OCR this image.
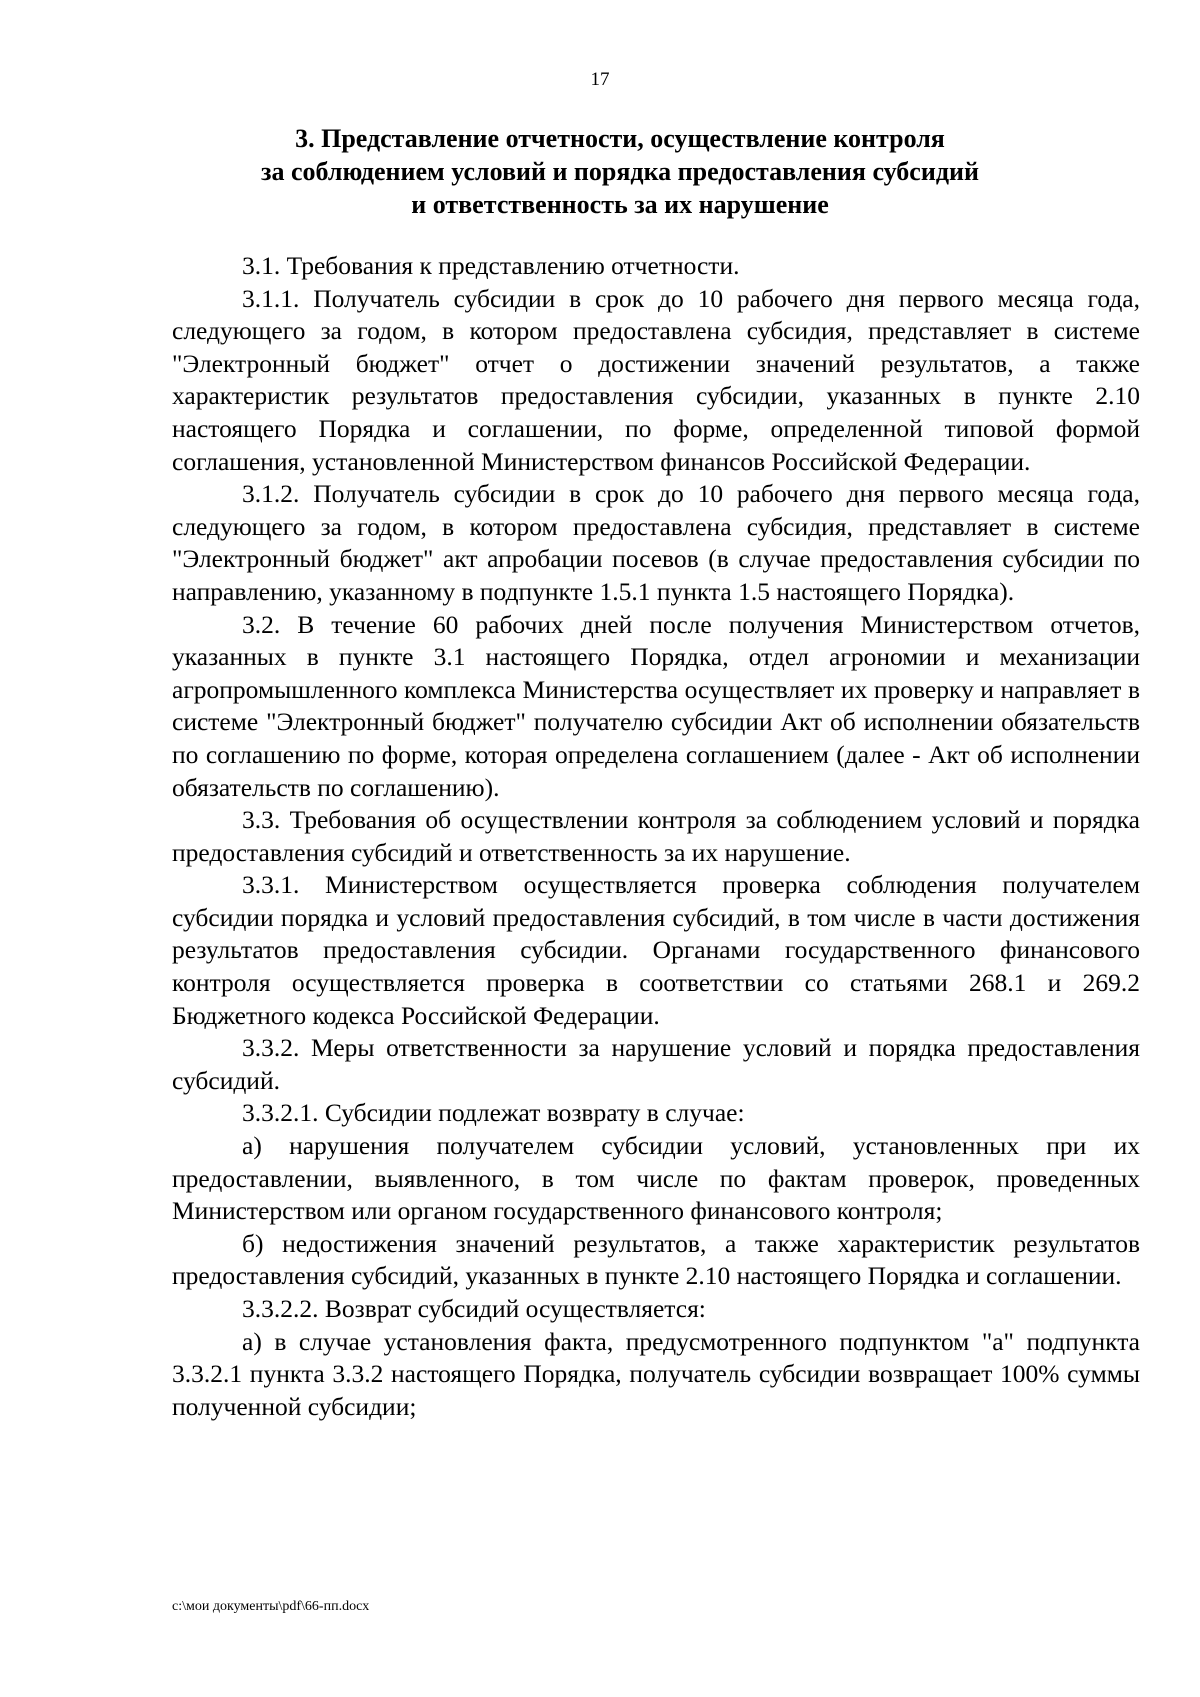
17
3. Представление отчетности, осуществление контроля
за соблюдением условий и порядка предоставления субсидий
и ответственность за их нарушение

3.1. Требования к представлению отчетности.

3.1.1. Получатель субсидии в срок до 10 рабочего дня первого месяца года, следующего за годом, в котором предоставлена субсидия, представляет в системе "Электронный бюджет" отчет о достижении значений результатов, а также характеристик результатов предоставления субсидии, указанных в пункте 2.10 настоящего Порядка и соглашении, по форме, определенной типовой формой соглашения, установленной Министерством финансов Российской Федерации.

3.1.2. Получатель субсидии в срок до 10 рабочего дня первого месяца года, следующего за годом, в котором предоставлена субсидия, представляет в системе "Электронный бюджет" акт апробации посевов (в случае предоставления субсидии по направлению, указанному в подпункте 1.5.1 пункта 1.5 настоящего Порядка).

3.2. В течение 60 рабочих дней после получения Министерством отчетов, указанных в пункте 3.1 настоящего Порядка, отдел агрономии и механизации агропромышленного комплекса Министерства осуществляет их проверку и направляет в системе "Электронный бюджет" получателю субсидии Акт об исполнении обязательств по соглашению по форме, которая определена соглашением (далее - Акт об исполнении обязательств по соглашению).

3.3. Требования об осуществлении контроля за соблюдением условий и порядка предоставления субсидий и ответственность за их нарушение.

3.3.1. Министерством осуществляется проверка соблюдения получателем субсидии порядка и условий предоставления субсидий, в том числе в части достижения результатов предоставления субсидии. Органами государственного финансового контроля осуществляется проверка в соответствии со статьями 268.1 и 269.2 Бюджетного кодекса Российской Федерации.

3.3.2. Меры ответственности за нарушение условий и порядка предоставления субсидий.

3.3.2.1. Субсидии подлежат возврату в случае:

а) нарушения получателем субсидии условий, установленных при их предоставлении, выявленного, в том числе по фактам проверок, проведенных Министерством или органом государственного финансового контроля;

б) недостижения значений результатов, а также характеристик результатов предоставления субсидий, указанных в пункте 2.10 настоящего Порядка и соглашении.

3.3.2.2. Возврат субсидий осуществляется:

а) в случае установления факта, предусмотренного подпунктом "а" подпункта 3.3.2.1 пункта 3.3.2 настоящего Порядка, получатель субсидии возвращает 100% суммы полученной субсидии;

c:\мои документы\pdf\66-пп.docx
